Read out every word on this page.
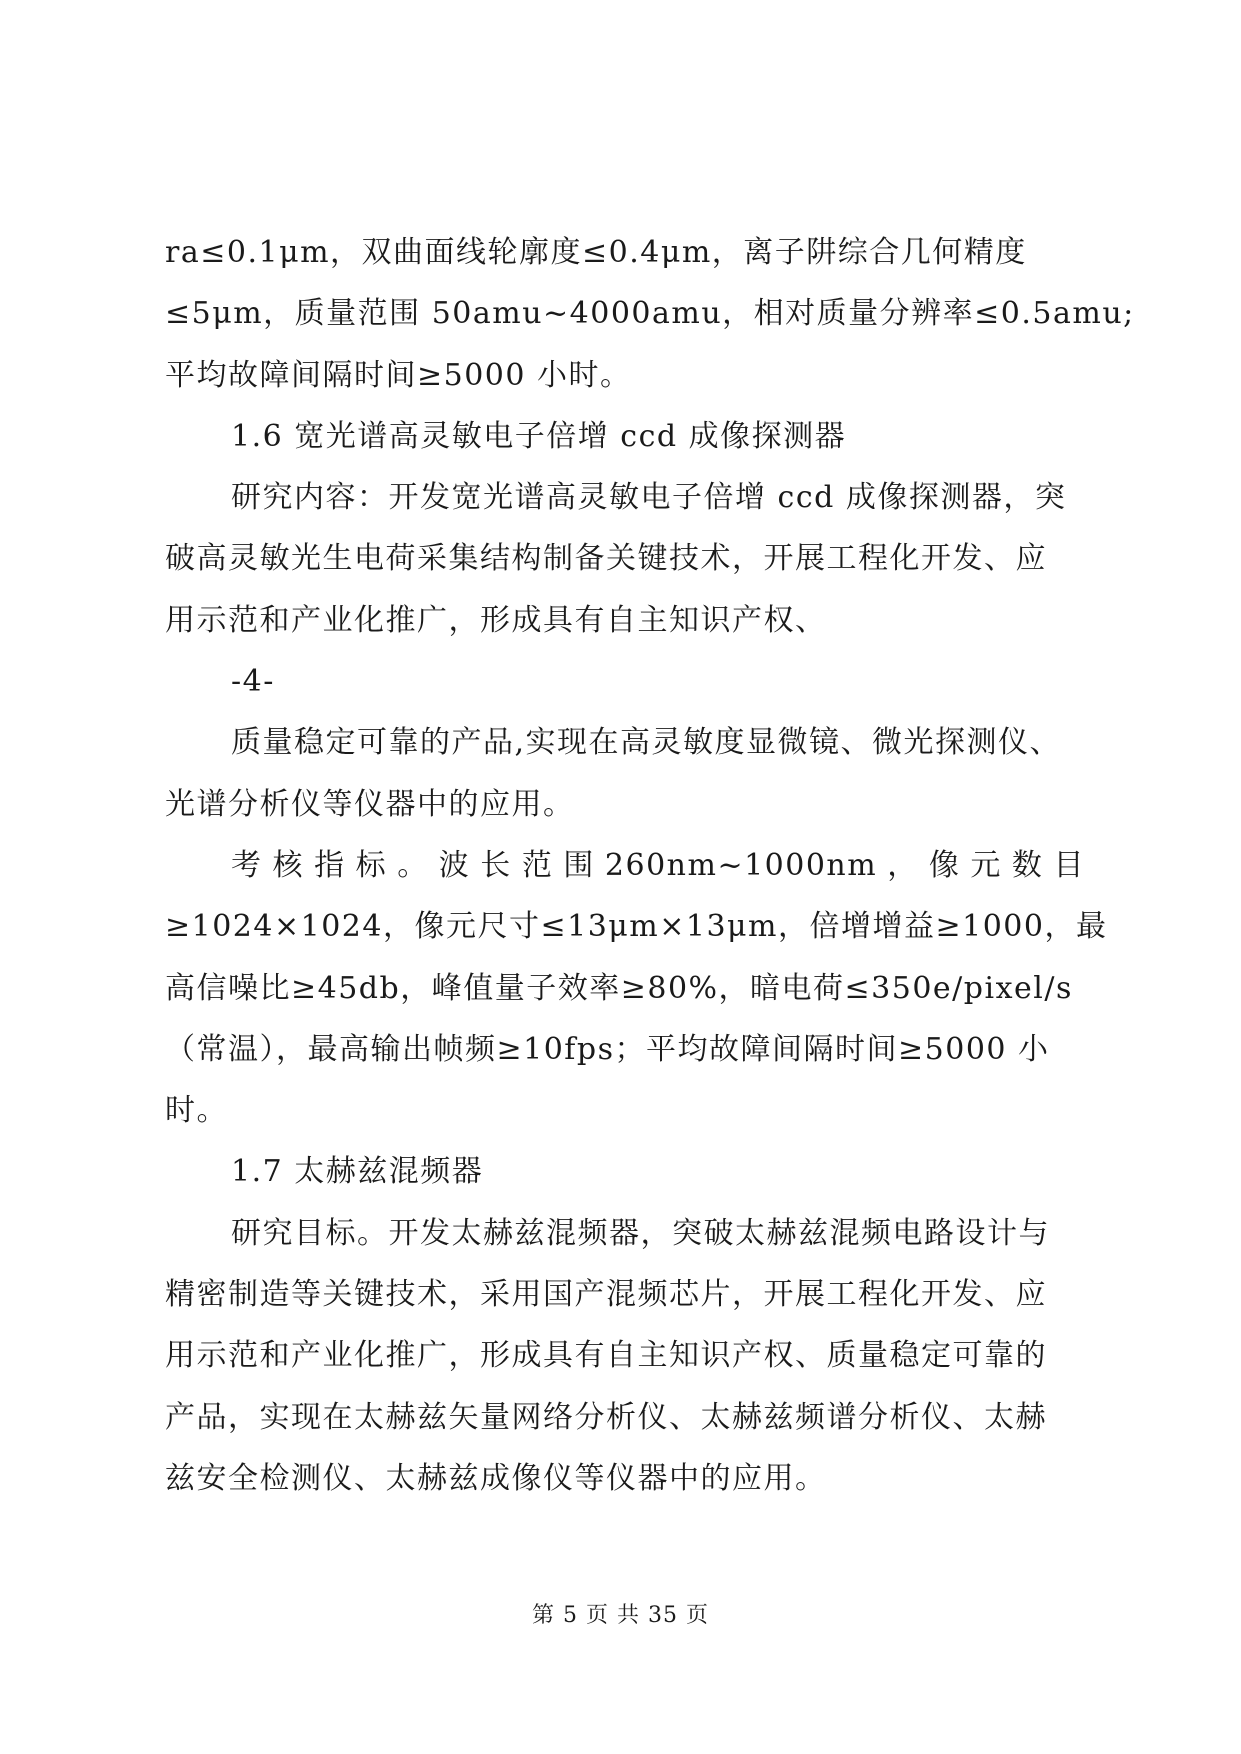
ra≤0.1μm，双曲面线轮廓度≤0.4μm，离子阱综合几何精度
≤5μm，质量范围 50amu~4000amu，相对质量分辨率≤0.5amu;
平均故障间隔时间≥5000 小时。
1.6 宽光谱高灵敏电子倍增 ccd 成像探测器
研究内容：开发宽光谱高灵敏电子倍增 ccd 成像探测器，突
破高灵敏光生电荷采集结构制备关键技术，开展工程化开发、应
用示范和产业化推广，形成具有自主知识产权、
-4-
质量稳定可靠的产品,实现在高灵敏度显微镜、微光探测仪、
光谱分析仪等仪器中的应用。
考 核 指 标 。 波 长 范 围 260nm~1000nm ， 像 元 数 目
≥1024×1024，像元尺寸≤13μm×13μm，倍增增益≥1000，最
高信噪比≥45db，峰值量子效率≥80%，暗电荷≤350e/pixel/s
（常温），最高输出帧频≥10fps；平均故障间隔时间≥5000 小
时。
1.7 太赫兹混频器
研究目标。开发太赫兹混频器，突破太赫兹混频电路设计与
精密制造等关键技术，采用国产混频芯片，开展工程化开发、应
用示范和产业化推广，形成具有自主知识产权、质量稳定可靠的
产品，实现在太赫兹矢量网络分析仪、太赫兹频谱分析仪、太赫
兹安全检测仪、太赫兹成像仪等仪器中的应用。
第 5 页 共 35 页
